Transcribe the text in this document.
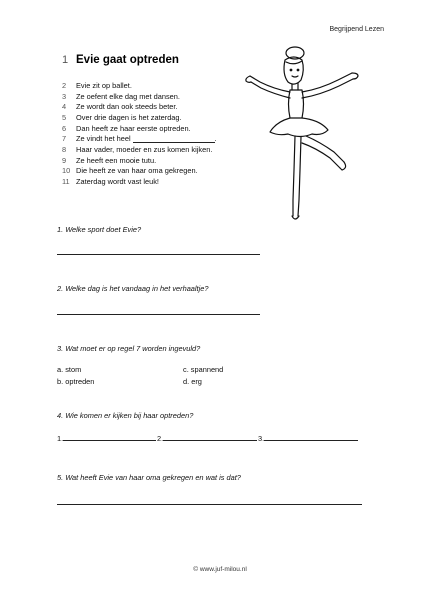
Begrijpend Lezen
1 Evie gaat optreden
2	Evie zit op ballet.
3	Ze oefent elke dag met dansen.
4	Ze wordt dan ook steeds beter.
5	Over drie dagen is het zaterdag.
6	Dan heeft ze haar eerste optreden.
7	Ze vindt het heel	.
8	Haar vader, moeder en zus komen kijken.
9	Ze heeft een mooie tutu.
10 Die heeft ze van haar oma gekregen.
11 Zaterdag wordt vast leuk!
1. Welke sport doet Evie?
2. Welke dag is het vandaag in het verhaaltje?
3. Wat moet er op regel 7 worden ingevuld?
a. stom	c. spannend
b. optreden	d. erg
4. Wie komen er kijken bij haar optreden?
1.	2.	3.
5. Wat heeft Evie van haar oma gekregen en wat is dat?
© www.juf-milou.nl
